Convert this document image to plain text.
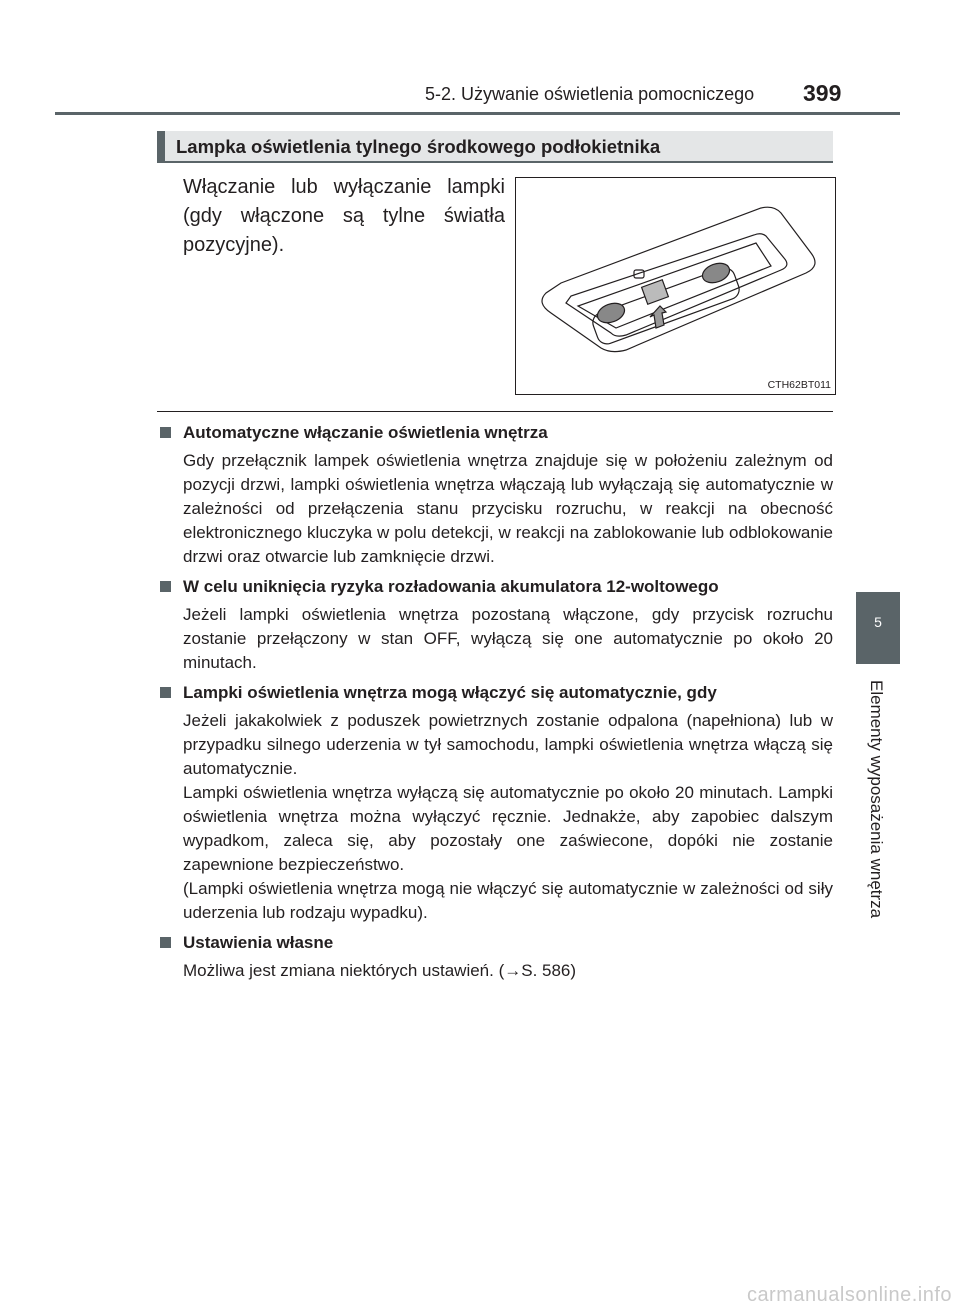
5-2. Używanie oświetlenia pomocniczego 399
Lampka oświetlenia tylnego środkowego podłokietnika
Włączanie lub wyłączanie lampki (gdy włączone są tylne światła pozycyjne).
CTH62BT011
Automatyczne włączanie oświetlenia wnętrza

Gdy przełącznik lampek oświetlenia wnętrza znajduje się w położeniu zależnym od pozycji drzwi, lampki oświetlenia wnętrza włączają lub wyłączają się automatycznie w zależności od przełączenia stanu przycisku rozruchu, w reakcji na obecność elektronicznego kluczyka w polu detekcji, w reakcji na zablokowanie lub odblokowanie drzwi oraz otwarcie lub zamknięcie drzwi.

W celu uniknięcia ryzyka rozładowania akumulatora 12-woltowego

Jeżeli lampki oświetlenia wnętrza pozostaną włączone, gdy przycisk rozruchu zostanie przełączony w stan OFF, wyłączą się one automatycznie po około 20 minutach.

Lampki oświetlenia wnętrza mogą włączyć się automatycznie, gdy

Jeżeli jakakolwiek z poduszek powietrznych zostanie odpalona (napełniona) lub w przypadku silnego uderzenia w tył samochodu, lampki oświetlenia wnętrza włączą się automatycznie.

Lampki oświetlenia wnętrza wyłączą się automatycznie po około 20 minutach. Lampki oświetlenia wnętrza można wyłączyć ręcznie. Jednakże, aby zapobiec dalszym wypadkom, zaleca się, aby pozostały one zaświecone, dopóki nie zostanie zapewnione bezpieczeństwo.

(Lampki oświetlenia wnętrza mogą nie włączyć się automatycznie w zależności od siły uderzenia lub rodzaju wypadku).

Ustawienia własne

Możliwa jest zmiana niektórych ustawień. (→S. 586)

5
Elementy wyposażenia wnętrza
carmanualsonline.info
